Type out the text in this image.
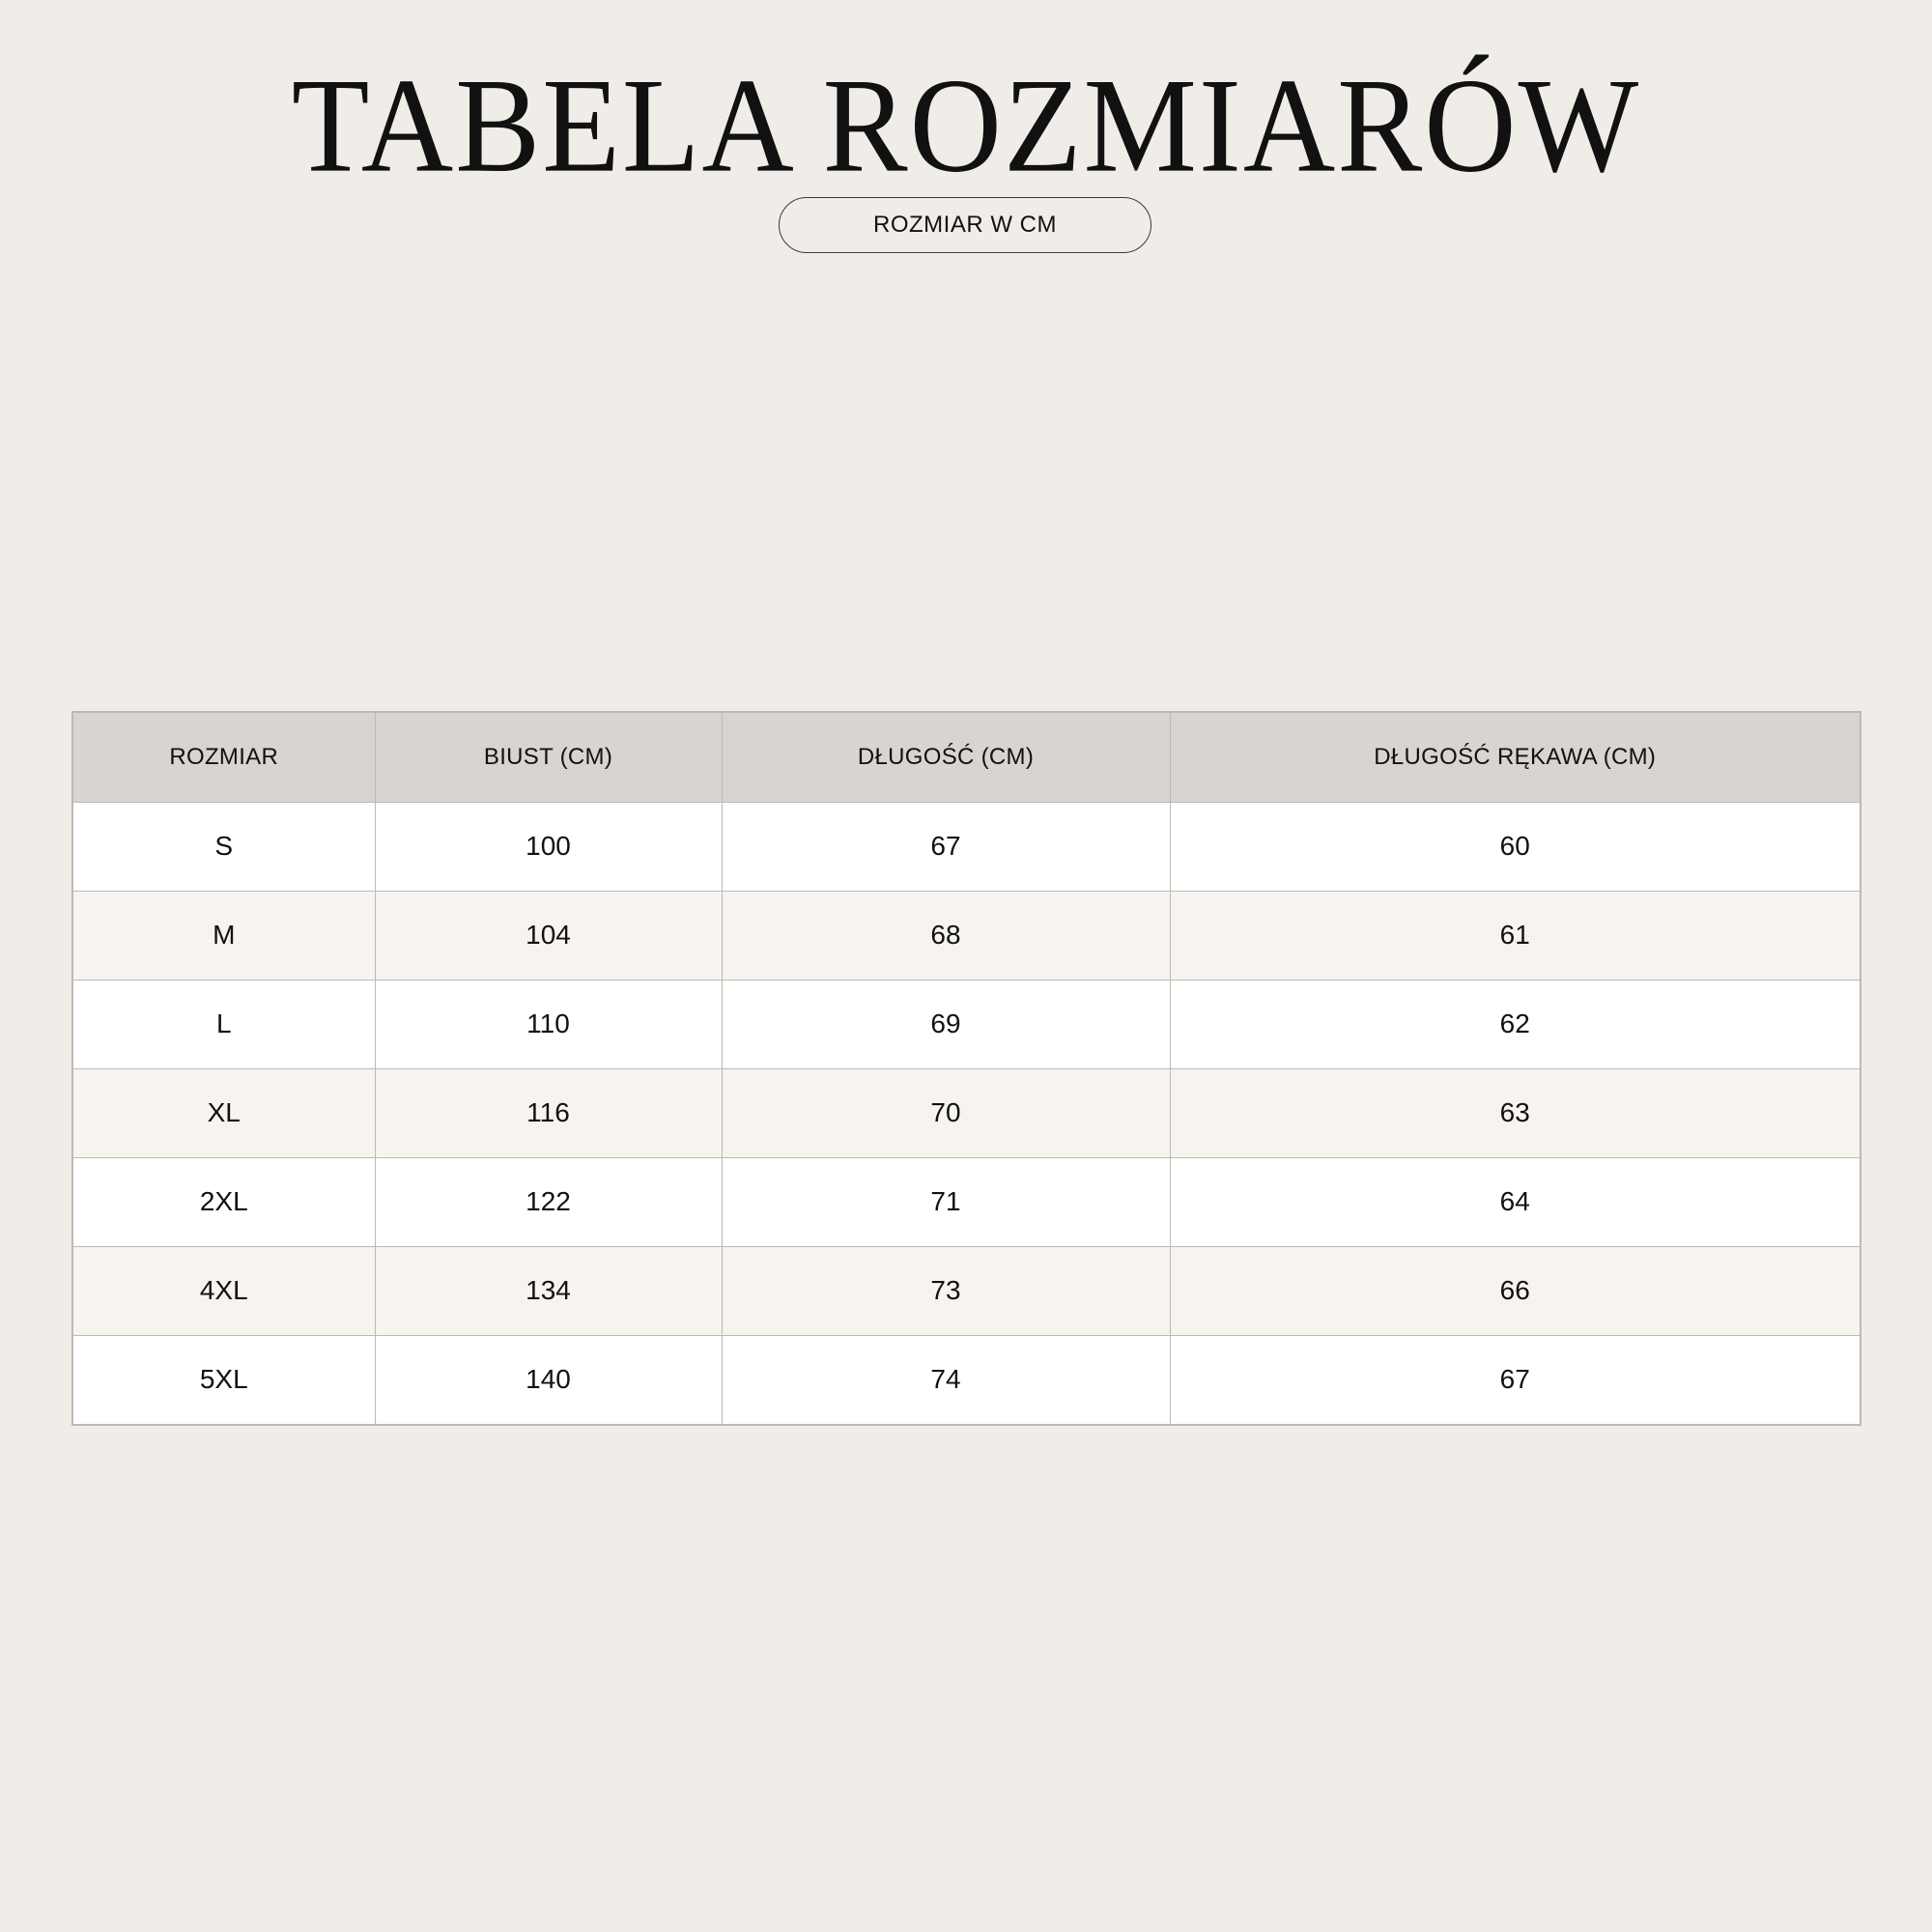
TABELA ROZMIARÓW
ROZMIAR W CM
ROZMIAR	BIUST (CM)	DŁUGOŚĆ (CM)	DŁUGOŚĆ RĘKAWA (CM)
S	100	67	60
M	104	68	61
L	110	69	62
XL	116	70	63
2XL	122	71	64
4XL	134	73	66
5XL	140	74	67
